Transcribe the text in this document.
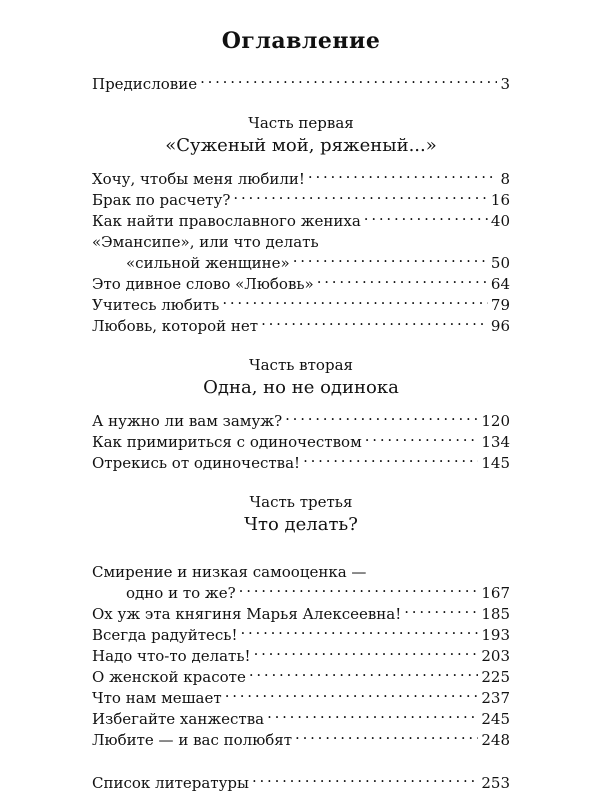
Оглавление
Предисловие . . .	3
Часть первая
«Суженый мой, ряженый...»
Хочу, чтобы меня любили! . . .	8
Брак по расчету? . . .	16
Как найти православного жениха . . .	40
«Эмансипе», или что делать
«сильной женщине» . . .	50
Это дивное слово «Любовь» . . .	64
Учитесь любить . . .	79
Любовь, которой нет . . .	96
Часть вторая
Одна, но не одинока
А нужно ли вам замуж? . . .	120
Как примириться с одиночеством . . .	134
Отрекись от одиночества! . . .	145
Часть третья
Что делать?
Смирение и низкая самооценка —
одно и то же? . . .	167
Ох уж эта княгиня Марья Алексеевна! . . .	185
Всегда радуйтесь! . . .	193
Надо что-то делать! . . .	203
О женской красоте . . .	225
Что нам мешает . . .	237
Избегайте ханжества . . .	245
Любите — и вас полюбят . . .	248
Список литературы . . .	253
